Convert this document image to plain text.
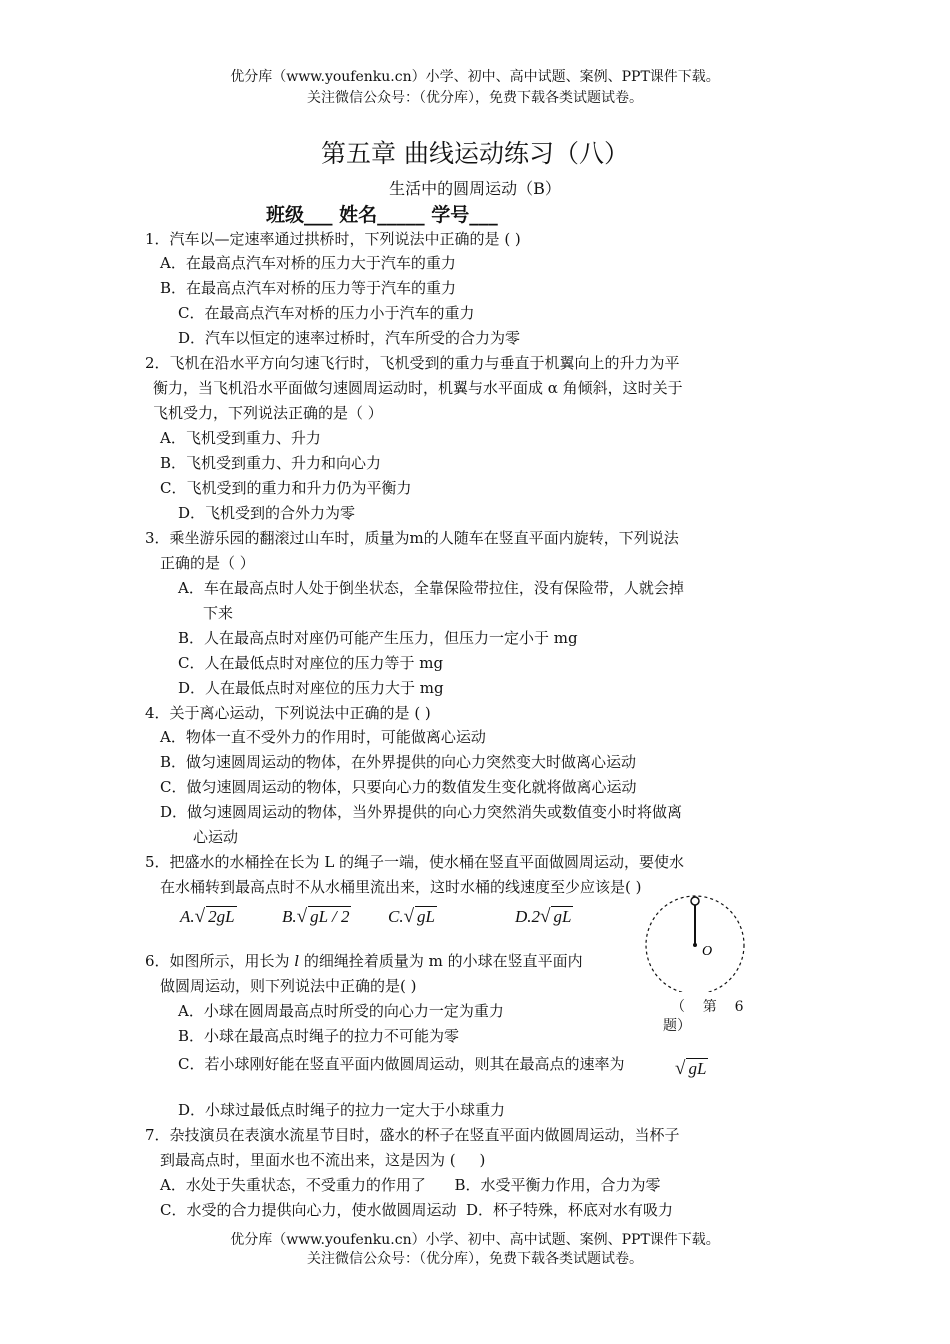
优分库（www.youfenku.cn）小学、初中、高中试题、案例、PPT课件下载。
关注微信公众号：（优分库），免费下载各类试题试卷。
第五章 曲线运动练习（八）
生活中的圆周运动（B）
班级___ 姓名_____ 学号___
1．汽车以—定速率通过拱桥时，下列说法中正确的是 ( )
A．在最高点汽车对桥的压力大于汽车的重力
B．在最高点汽车对桥的压力等于汽车的重力
C．在最高点汽车对桥的压力小于汽车的重力
D．汽车以恒定的速率过桥时，汽车所受的合力为零
2．飞机在沿水平方向匀速飞行时，飞机受到的重力与垂直于机翼向上的升力为平
衡力，当飞机沿水平面做匀速圆周运动时，机翼与水平面成 α 角倾斜，这时关于
飞机受力，下列说法正确的是（ ）
A．飞机受到重力、升力
B．飞机受到重力、升力和向心力
C．飞机受到的重力和升力仍为平衡力
D．飞机受到的合外力为零
3．乘坐游乐园的翻滚过山车时，质量为m的人随车在竖直平面内旋转，下列说法
正确的是（ ）
A．车在最高点时人处于倒坐状态，全靠保险带拉住，没有保险带，人就会掉
下来
B．人在最高点时对座仍可能产生压力，但压力一定小于 mg
C．人在最低点时对座位的压力等于 mg
D．人在最低点时对座位的压力大于 mg
4．关于离心运动，下列说法中正确的是 ( )
A．物体一直不受外力的作用时，可能做离心运动
B．做匀速圆周运动的物体，在外界提供的向心力突然变大时做离心运动
C．做匀速圆周运动的物体，只要向心力的数值发生变化就将做离心运动
D．做匀速圆周运动的物体，当外界提供的向心力突然消失或数值变小时将做离
心运动
5．把盛水的水桶拴在长为 L 的绳子一端，使水桶在竖直平面做圆周运动，要使水
在水桶转到最高点时不从水桶里流出来，这时水桶的线速度至少应该是( )
A.√ 2gL	B.√ gL / 2 C.√ gL	D.2√ gL
O
（    第    6
题）
6．如图所示，用长为 l 的细绳拴着质量为 m 的小球在竖直平面内
做圆周运动，则下列说法中正确的是( )
A．小球在圆周最高点时所受的向心力一定为重力
B．小球在最高点时绳子的拉力不可能为零
C．若小球刚好能在竖直平面内做圆周运动，则其在最高点的速率为	√ gL
D．小球过最低点时绳子的拉力一定大于小球重力
7．杂技演员在表演水流星节目时，盛水的杯子在竖直平面内做圆周运动，当杯子
到最高点时，里面水也不流出来，这是因为 (     )
A．水处于失重状态，不受重力的作用了      B．水受平衡力作用，合力为零
C．水受的合力提供向心力，使水做圆周运动  D．杯子特殊，杯底对水有吸力
优分库（www.youfenku.cn）小学、初中、高中试题、案例、PPT课件下载。
关注微信公众号：（优分库），免费下载各类试题试卷。
